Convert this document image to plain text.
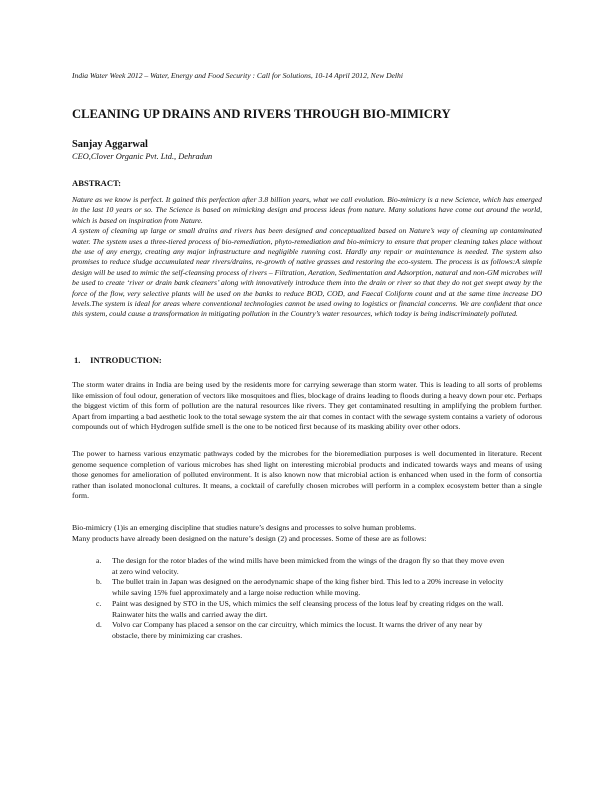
India Water Week 2012 – Water, Energy and Food Security : Call for Solutions, 10-14 April 2012, New Delhi
CLEANING UP DRAINS AND RIVERS THROUGH BIO-MIMICRY
Sanjay Aggarwal
CEO,Clover Organic Pvt. Ltd., Dehradun
ABSTRACT:

Nature as we know is perfect. It gained this perfection after 3.8 billion years, what we call evolution. Bio-mimicry is a new Science, which has emerged in the last 10 years or so. The Science is based on mimicking design and process ideas from nature. Many solutions have come out around the world, which is based on inspiration from Nature.

A system of cleaning up large or small drains and rivers has been designed and conceptualized based on Nature’s way of cleaning up contaminated water. The system uses a three-tiered process of bio-remediation, phyto-remediation and bio-mimicry to ensure that proper cleaning takes place without the use of any energy, creating any major infrastructure and negligible running cost. Hardly any repair or maintenance is needed. The system also promises to reduce sludge accumulated near rivers/drains, re-growth of native grasses and restoring the eco-system. The process is as follows:A simple design will be used to mimic the self-cleansing process of rivers – Filtration, Aeration, Sedimentation and Adsorption, natural and non-GM microbes will be used to create ‘river or drain bank cleaners’ along with innovatively introduce them into the drain or river so that they do not get swept away by the force of the flow, very selective plants will be used on the banks to reduce BOD, COD, and Faecal Coliform count and at the same time increase DO levels.The system is ideal for areas where conventional technologies cannot be used owing to logistics or financial concerns. We are confident that once this system, could cause a transformation in mitigating pollution in the Country’s water resources, which today is being indiscriminately polluted.

1. INTRODUCTION:

The storm water drains in India are being used by the residents more for carrying sewerage than storm water. This is leading to all sorts of problems like emission of foul odour, generation of vectors like mosquitoes and flies, blockage of drains leading to floods during a heavy down pour etc. Perhaps the biggest victim of this form of pollution are the natural resources like rivers. They get contaminated resulting in amplifying the problem further. Apart from imparting a bad aesthetic look to the total sewage system the air that comes in contact with the sewage system contains a variety of odorous compounds out of which Hydrogen sulfide smell is the one to be noticed first because of its masking ability over other odors.

The power to harness various enzymatic pathways coded by the microbes for the bioremediation purposes is well documented in literature. Recent genome sequence completion of various microbes has shed light on interesting microbial products and indicated towards ways and means of using those genomes for amelioration of polluted environment. It is also known now that microbial action is enhanced when used in the form of consortia rather than isolated monoclonal cultures. It means, a cocktail of carefully chosen microbes will perform in a complex ecosystem better than a single form.

Bio-mimicry (1)is an emerging discipline that studies nature’s designs and processes to solve human problems.

Many products have already been designed on the nature’s design (2) and processes. Some of these are as follows:

a. The design for the rotor blades of the wind mills have been mimicked from the wings of the dragon fly so that they move even at zero wind velocity.
b. The bullet train in Japan was designed on the aerodynamic shape of the king fisher bird. This led to a 20% increase in velocity while saving 15% fuel approximately and a large noise reduction while moving.
c. Paint was designed by STO in the US, which mimics the self cleansing process of the lotus leaf by creating ridges on the wall. Rainwater hits the walls and carried away the dirt.
d. Volvo car Company has placed a sensor on the car circuitry, which mimics the locust. It warns the driver of any near by obstacle, there by minimizing car crashes.
